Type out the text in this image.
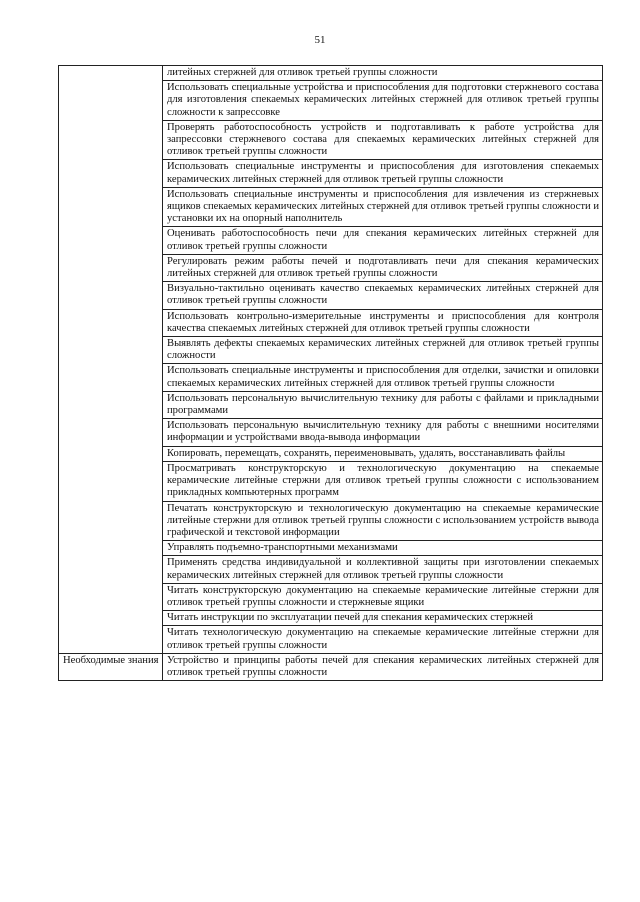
51
	литейных стержней для отливок третьей группы сложности
	Использовать специальные устройства и приспособления для подготовки стержневого состава для изготовления спекаемых керамических литейных стержней для отливок третьей группы сложности к запрессовке
	Проверять работоспособность устройств и подготавливать к работе устройства для запрессовки стержневого состава для спекаемых керамических литейных стержней для отливок третьей группы сложности
	Использовать специальные инструменты и приспособления для изготовления спекаемых керамических литейных стержней для отливок третьей группы сложности
	Использовать специальные инструменты и приспособления для извлечения из стержневых ящиков спекаемых керамических литейных стержней для отливок третьей группы сложности и установки их на опорный наполнитель
	Оценивать работоспособность печи для спекания керамических литейных стержней для отливок третьей группы сложности
	Регулировать режим работы печей и подготавливать печи для спекания керамических литейных стержней для отливок третьей группы сложности
	Визуально-тактильно оценивать качество спекаемых керамических литейных стержней для отливок третьей группы сложности
	Использовать контрольно-измерительные инструменты и приспособления для контроля качества спекаемых литейных стержней для отливок третьей группы сложности
	Выявлять дефекты спекаемых керамических литейных стержней для отливок третьей группы сложности
	Использовать специальные инструменты и приспособления для отделки, зачистки и опиловки спекаемых керамических литейных стержней для отливок третьей группы сложности
	Использовать персональную вычислительную технику для работы с файлами и прикладными программами
	Использовать персональную вычислительную технику для работы с внешними носителями информации и устройствами ввода-вывода информации
	Копировать, перемещать, сохранять, переименовывать, удалять, восстанавливать файлы
	Просматривать конструкторскую и технологическую документацию на спекаемые керамические литейные стержни для отливок третьей группы сложности с использованием прикладных компьютерных программ
	Печатать конструкторскую и технологическую документацию на спекаемые керамические литейные стержни для отливок третьей группы сложности с использованием устройств вывода графической и текстовой информации
	Управлять подъемно-транспортными механизмами
	Применять средства индивидуальной и коллективной защиты при изготовлении спекаемых керамических литейных стержней для отливок третьей группы сложности
	Читать конструкторскую документацию на спекаемые керамические литейные стержни для отливок третьей группы сложности и стержневые ящики
	Читать инструкции по эксплуатации печей для спекания керамических стержней
	Читать технологическую документацию на спекаемые керамические литейные стержни для отливок третьей группы сложности
Необходимые знания	Устройство и принципы работы печей для спекания керамических литейных стержней для отливок третьей группы сложности
